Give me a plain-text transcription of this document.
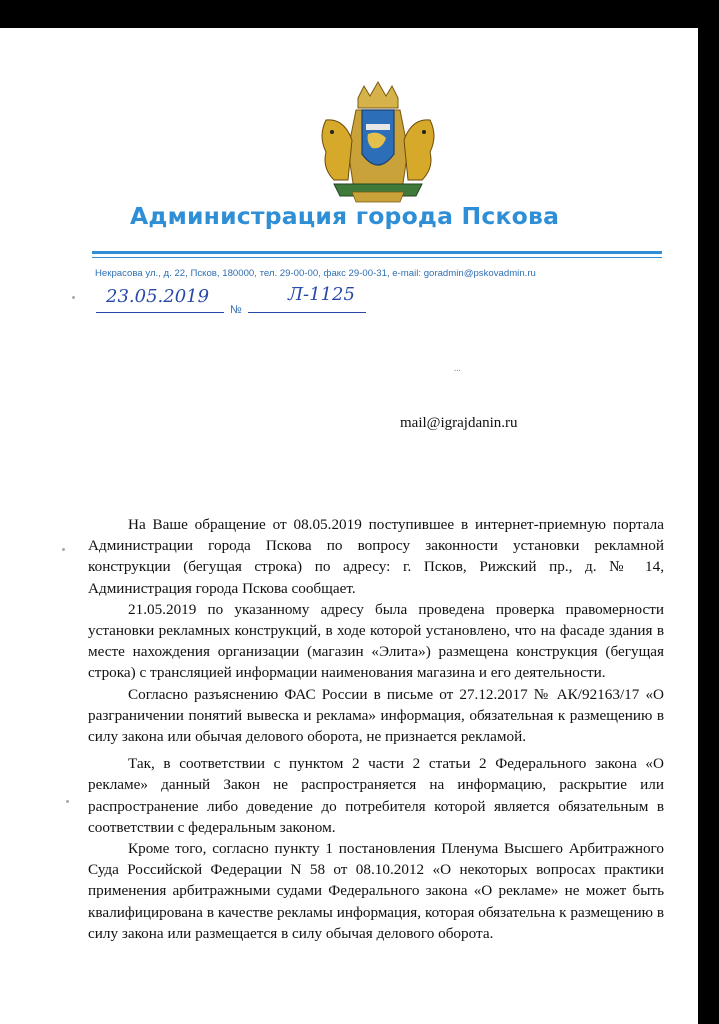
Администрация города Пскова
Некрасова ул., д. 22, Псков, 180000, тел. 29-00-00, факс 29-00-31, e-mail: goradmin@pskovadmin.ru
23.05.2019
№
Л-1125
...
mail@igrajdanin.ru

На Ваше обращение от 08.05.2019 поступившее в интернет-приемную портала Администрации города Пскова по вопросу законности установки рекламной конструкции (бегущая строка) по адресу: г. Псков, Рижский пр., д. № 14, Администрация города Пскова сообщает.

21.05.2019 по указанному адресу была проведена проверка правомерности установки рекламных конструкций, в ходе которой установлено, что на фасаде здания в месте нахождения организации (магазин «Элита») размещена конструкция (бегущая строка) с трансляцией информации наименования магазина и его деятельности.

Согласно разъяснению ФАС России в письме от 27.12.2017 № АК/92163/17 «О разграничении понятий вывеска и реклама» информация, обязательная к размещению в силу закона или обычая делового оборота, не признается рекламой.

Так, в соответствии с пунктом 2 части 2 статьи 2 Федерального закона «О рекламе» данный Закон не распространяется на информацию, раскрытие или распространение либо доведение до потребителя которой является обязательным в соответствии с федеральным законом.

Кроме того, согласно пункту 1 постановления Пленума Высшего Арбитражного Суда Российской Федерации N 58 от 08.10.2012 «О некоторых вопросах практики применения арбитражными судами Федерального закона «О рекламе» не может быть квалифицирована в качестве рекламы информация, которая обязательна к размещению в силу закона или размещается в силу обычая делового оборота.
